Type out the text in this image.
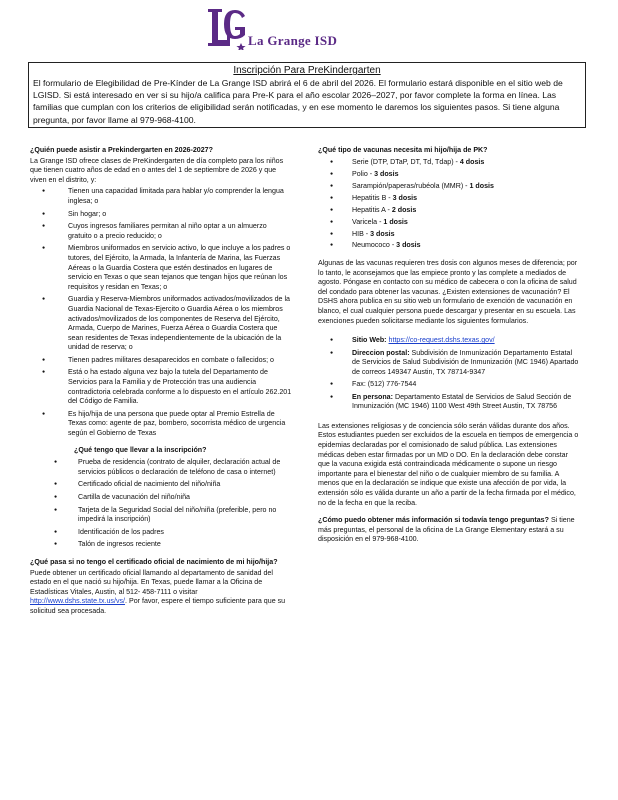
La Grange ISD

Inscripción Para PreKindergarten

El formulario de Elegibilidad de Pre-Kínder de La Grange ISD abrirá el 6 de abril del 2026. El formulario estará disponible en el sitio web de LGISD. Si está interesado en ver si su hijo/a califica para Pre-K para el año escolar 2026–2027, por favor complete la forma en línea. Las familias que cumplan con los criterios de eligibilidad serán notificadas, y en ese momento le daremos los siguientes pasos. Si tiene alguna pregunta, por favor llame al 979-968-4100.

¿Quién puede asistir a Prekindergarten en 2026-2027?

La Grange ISD ofrece clases de PreKindergarten de día completo para los niños que tienen cuatro años de edad en o antes del 1 de septiembre de 2026 y que viven en el distrito, y:

● Tienen una capacidad limitada para hablar y/o comprender la lengua inglesa; o
● Sin hogar; o
● Cuyos ingresos familiares permitan al niño optar a un almuerzo gratuito o a precio reducido; o
● Miembros uniformados en servicio activo, lo que incluye a los padres o tutores, del Ejército, la Armada, la Infantería de Marina, las Fuerzas Aéreas o la Guardia Costera que estén destinados en lugares de servicio en Texas o que sean tejanos que tengan hijos que reúnan los requisitos y residan en Texas; o
● Guardia y Reserva-Miembros uniformados activados/movilizados de la Guardia Nacional de Texas-Ejercito o Guardia Aérea o los miembros activados/movilizados de los componentes de Reserva del Ejército, Armada, Cuerpo de Marines, Fuerza Aérea o Guardia Costera que sean residentes de Texas independientemente de la ubicación de la unidad de reserva; o
● Tienen padres militares desaparecidos en combate o fallecidos; o
● Está o ha estado alguna vez bajo la tutela del Departamento de Servicios para la Familia y de Protección tras una audiencia contradictoria celebrada conforme a lo dispuesto en el artículo 262.201 del Código de Familia.
● Es hijo/hija de una persona que puede optar al Premio Estrella de Texas como: agente de paz, bombero, socorrista médico de urgencia según el Gobierno de Texas

¿Qué tengo que llevar a la inscripción?

● Prueba de residencia (contrato de alquiler, declaración actual de servicios públicos o declaración de teléfono de casa o internet)
● Certificado oficial de nacimiento del niño/niña
● Cartilla de vacunación del niño/niña
● Tarjeta de la Seguridad Social del niño/niña (preferible, pero no impedirá la inscripción)
● Identificación de los padres
● Talón de ingresos reciente

¿Qué pasa si no tengo el certificado oficial de nacimiento de mi hijo/hija?

Puede obtener un certificado oficial llamando al departamento de sanidad del estado en el que nació su hijo/hija. En Texas, puede llamar a la Oficina de Estadísticas Vitales, Austin, al 512- 458-7111 o visitar http://www.dshs.state.tx.us/vs/. Por favor, espere el tiempo suficiente para que su solicitud sea procesada.

¿Qué tipo de vacunas necesita mi hijo/hija de PK?

● Serie (DTP, DTaP, DT, Td, Tdap) - 4 dosis
● Polio - 3 dosis
● Sarampión/paperas/rubéola (MMR) - 1 dosis
● Hepatitis B - 3 dosis
● Hepatitis A - 2 dosis
● Varicela - 1 dosis
● HIB - 3 dosis
● Neumococo - 3 dosis

Algunas de las vacunas requieren tres dosis con algunos meses de diferencia; por lo tanto, le aconsejamos que las empiece pronto y las complete a mediados de agosto. Póngase en contacto con su médico de cabecera o con la oficina de salud del condado para obtener las vacunas. ¿Existen extensiones de vacunación? El DSHS ahora publica en su sitio web un formulario de exención de vacunación en blanco, el cual cualquier persona puede descargar y presentar en su escuela. Las exenciones pueden solicitarse mediante los siguientes formularios.

● Sitio Web: https://co-request.dshs.texas.gov/
● Direccion postal: Subdivisión de Inmunización Departamento Estatal de Servicios de Salud Subdivisión de Inmunización (MC 1946) Apartado de correos 149347 Austin, TX 78714-9347
● Fax: (512) 776-7544
● En persona: Departamento Estatal de Servicios de Salud Sección de Inmunización (MC 1946) 1100 West 49th Street Austin, TX 78756

Las extensiones religiosas y de conciencia sólo serán válidas durante dos años. Estos estudiantes pueden ser excluidos de la escuela en tiempos de emergencia o epidemias declaradas por el comisionado de salud pública. Las extensiones médicas deben estar firmadas por un MD o DO. En la declaración debe constar que la vacuna exigida está contraindicada médicamente o supone un riesgo importante para el bienestar del niño o de cualquier miembro de su familia. A menos que en la declaración se indique que existe una afección de por vida, la extensión sólo es válida durante un año a partir de la fecha firmada por el médico, no de la fecha en que la reciba.

¿Cómo puedo obtener más información si todavía tengo preguntas? Si tiene más preguntas, el personal de la oficina de La Grange Elementary estará a su disposición en el 979-968-4100.
